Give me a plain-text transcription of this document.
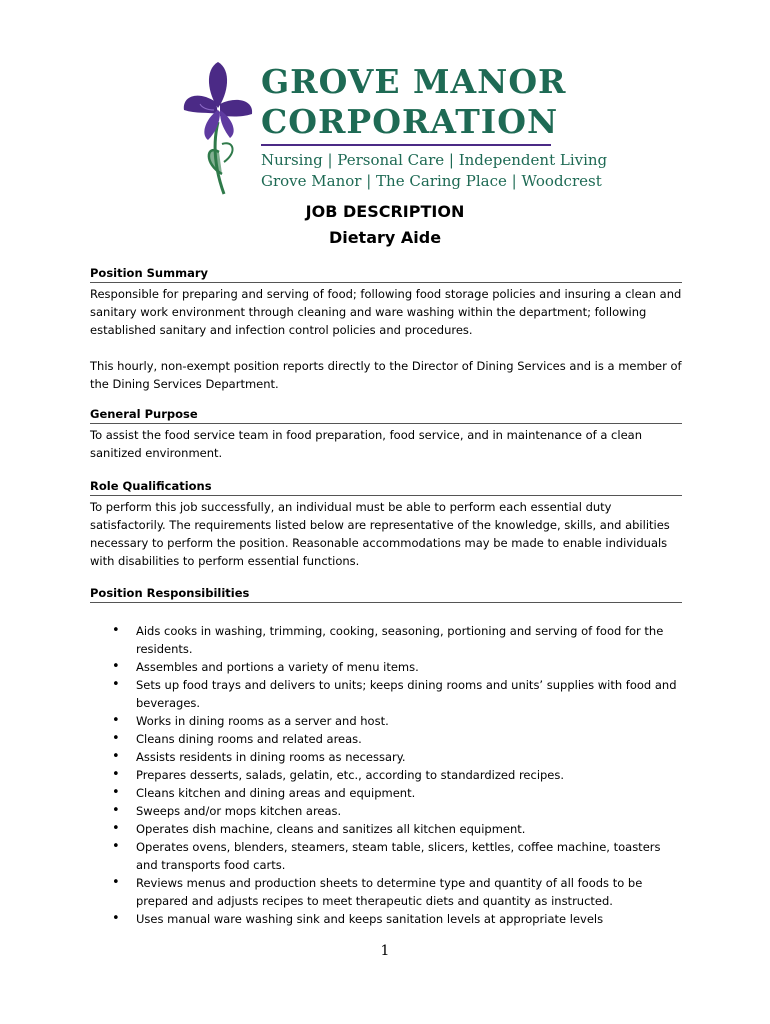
GROVE MANOR
CORPORATION
Nursing | Personal Care | Independent Living
Grove Manor | The Caring Place | Woodcrest
JOB DESCRIPTION
Dietary Aide
Position Summary

Responsible for preparing and serving of food; following food storage policies and insuring a clean and sanitary work environment through cleaning and ware washing within the department; following established sanitary and infection control policies and procedures.

This hourly, non-exempt position reports directly to the Director of Dining Services and is a member of the Dining Services Department.

General Purpose

To assist the food service team in food preparation, food service, and in maintenance of a clean sanitized environment.

Role Qualifications

To perform this job successfully, an individual must be able to perform each essential duty satisfactorily. The requirements listed below are representative of the knowledge, skills, and abilities necessary to perform the position. Reasonable accommodations may be made to enable individuals with disabilities to perform essential functions.

Position Responsibilities
• Aids cooks in washing, trimming, cooking, seasoning, portioning and serving of food for the residents.
• Assembles and portions a variety of menu items.
• Sets up food trays and delivers to units; keeps dining rooms and units’ supplies with food and beverages.
• Works in dining rooms as a server and host.
• Cleans dining rooms and related areas.
• Assists residents in dining rooms as necessary.
• Prepares desserts, salads, gelatin, etc., according to standardized recipes.
• Cleans kitchen and dining areas and equipment.
• Sweeps and/or mops kitchen areas.
• Operates dish machine, cleans and sanitizes all kitchen equipment.
• Operates ovens, blenders, steamers, steam table, slicers, kettles, coffee machine, toasters and transports food carts.
• Reviews menus and production sheets to determine type and quantity of all foods to be prepared and adjusts recipes to meet therapeutic diets and quantity as instructed.
• Uses manual ware washing sink and keeps sanitation levels at appropriate levels
1
